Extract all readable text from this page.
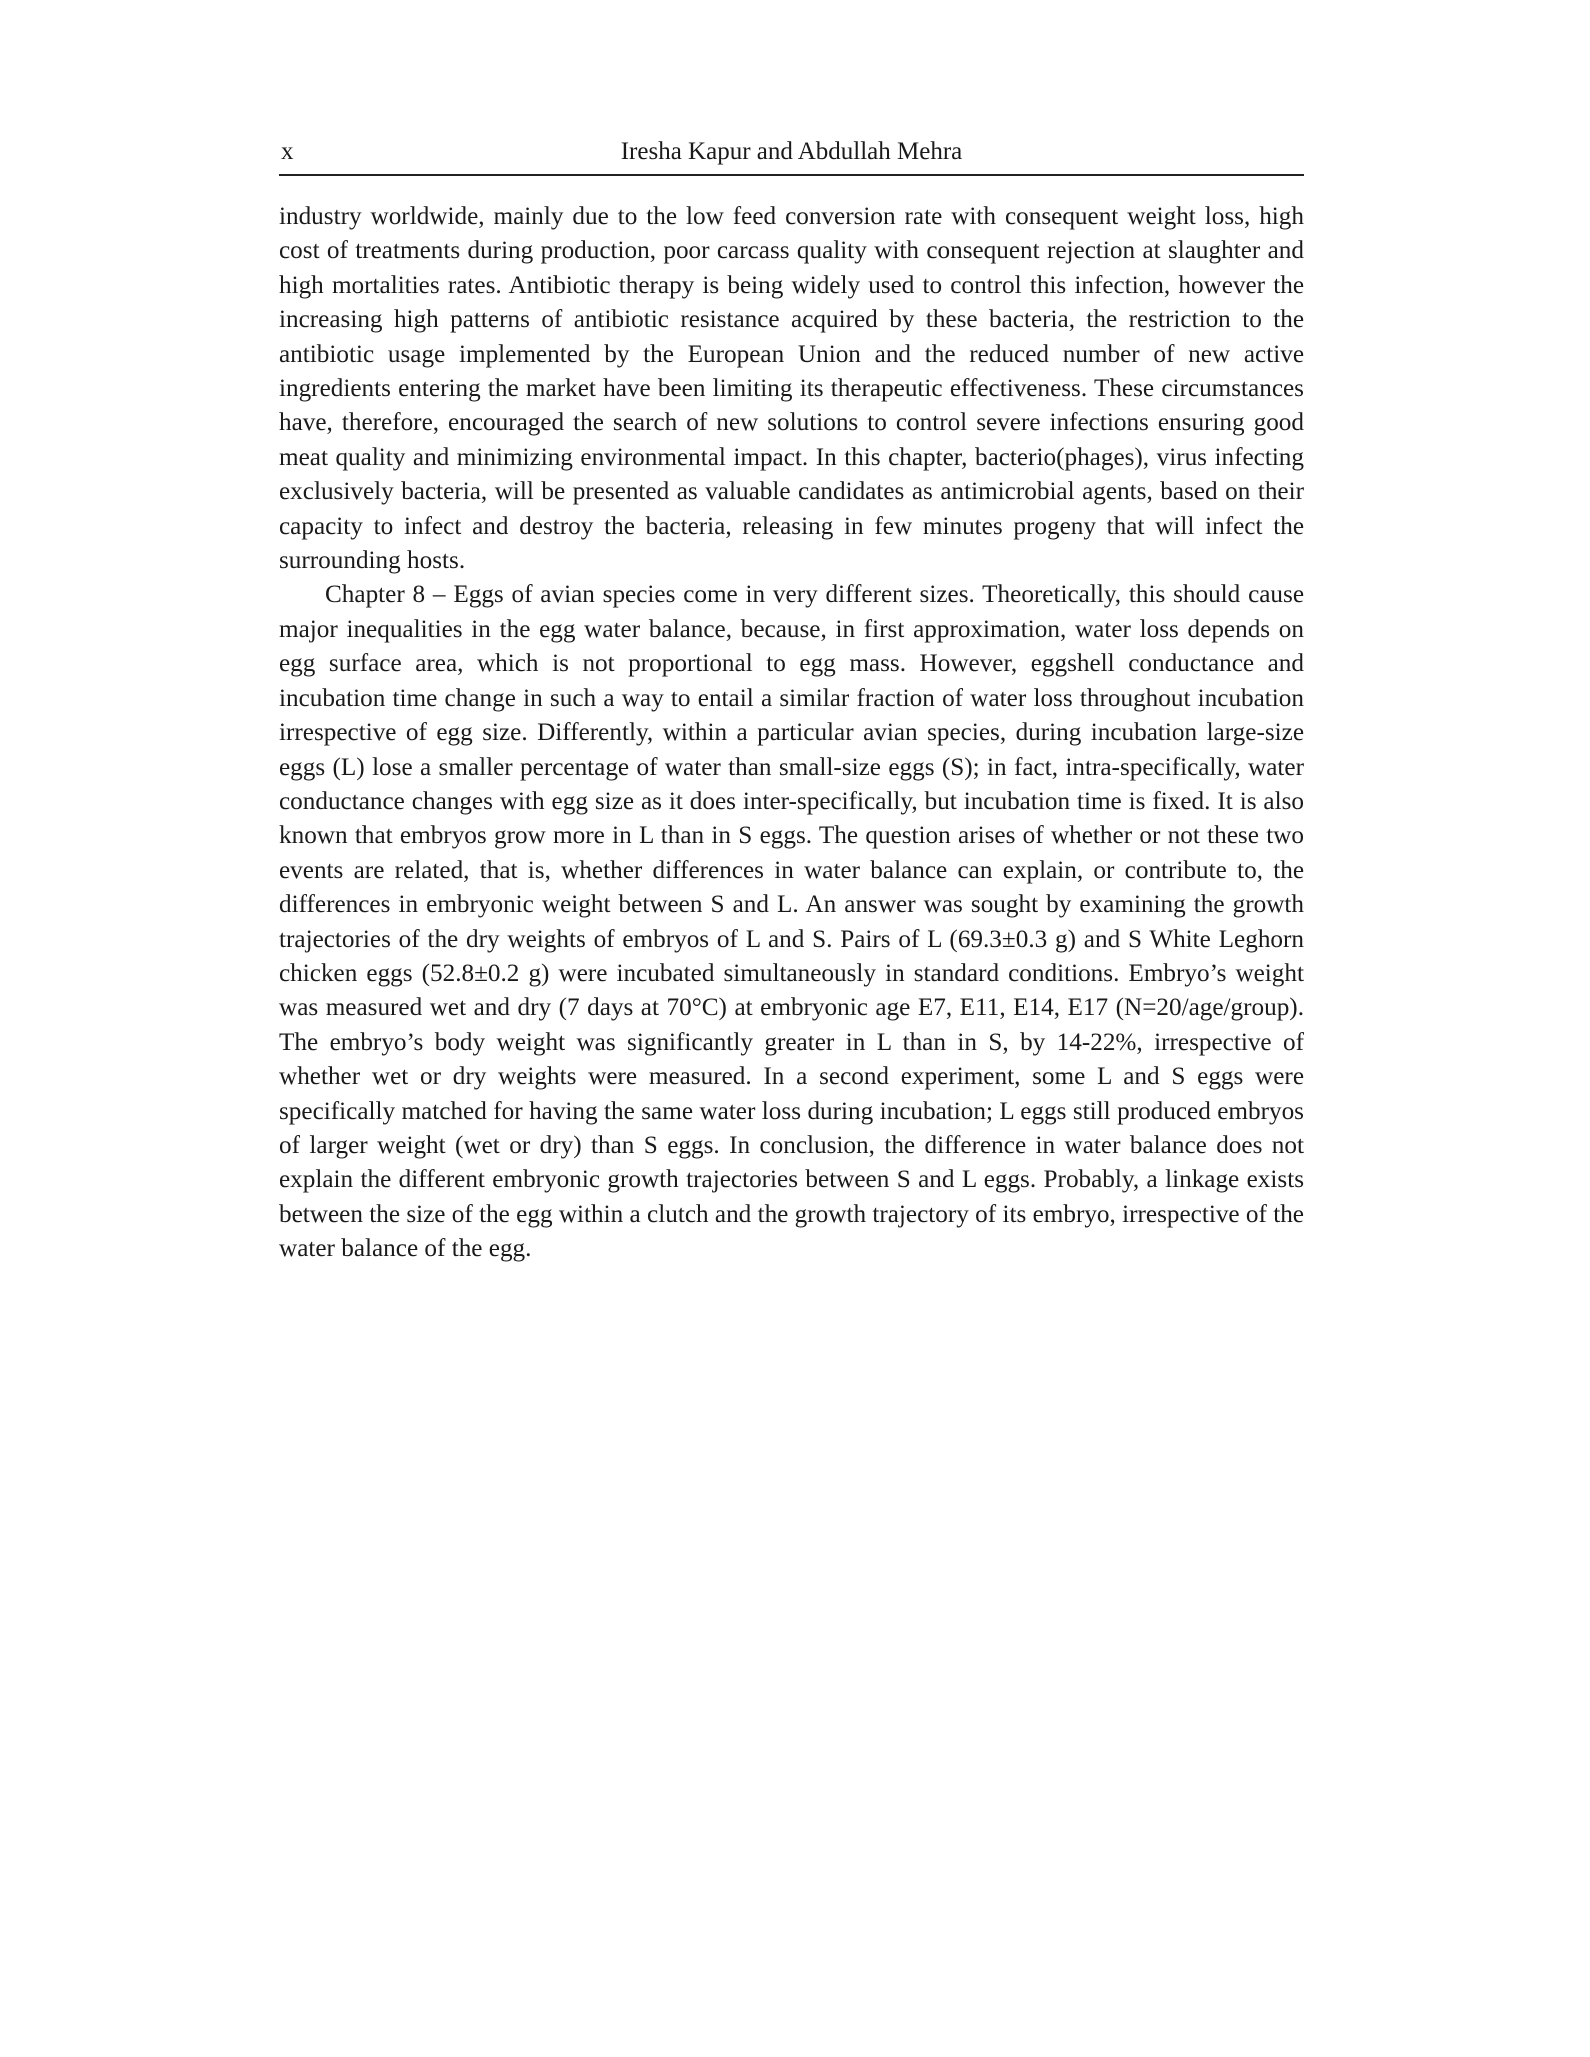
x	Iresha Kapur and Abdullah Mehra

industry worldwide, mainly due to the low feed conversion rate with consequent weight loss, high cost of treatments during production, poor carcass quality with consequent rejection at slaughter and high mortalities rates. Antibiotic therapy is being widely used to control this infection, however the increasing high patterns of antibiotic resistance acquired by these bacteria, the restriction to the antibiotic usage implemented by the European Union and the reduced number of new active ingredients entering the market have been limiting its therapeutic effectiveness. These circumstances have, therefore, encouraged the search of new solutions to control severe infections ensuring good meat quality and minimizing environmental impact. In this chapter, bacterio(phages), virus infecting exclusively bacteria, will be presented as valuable candidates as antimicrobial agents, based on their capacity to infect and destroy the bacteria, releasing in few minutes progeny that will infect the surrounding hosts.

Chapter 8 – Eggs of avian species come in very different sizes. Theoretically, this should cause major inequalities in the egg water balance, because, in first approximation, water loss depends on egg surface area, which is not proportional to egg mass. However, eggshell conductance and incubation time change in such a way to entail a similar fraction of water loss throughout incubation irrespective of egg size. Differently, within a particular avian species, during incubation large-size eggs (L) lose a smaller percentage of water than small-size eggs (S); in fact, intra-specifically, water conductance changes with egg size as it does inter-specifically, but incubation time is fixed. It is also known that embryos grow more in L than in S eggs. The question arises of whether or not these two events are related, that is, whether differences in water balance can explain, or contribute to, the differences in embryonic weight between S and L. An answer was sought by examining the growth trajectories of the dry weights of embryos of L and S. Pairs of L (69.3±0.3 g) and S White Leghorn chicken eggs (52.8±0.2 g) were incubated simultaneously in standard conditions. Embryo’s weight was measured wet and dry (7 days at 70°C) at embryonic age E7, E11, E14, E17 (N=20/age/group). The embryo’s body weight was significantly greater in L than in S, by 14-22%, irrespective of whether wet or dry weights were measured. In a second experiment, some L and S eggs were specifically matched for having the same water loss during incubation; L eggs still produced embryos of larger weight (wet or dry) than S eggs. In conclusion, the difference in water balance does not explain the different embryonic growth trajectories between S and L eggs. Probably, a linkage exists between the size of the egg within a clutch and the growth trajectory of its embryo, irrespective of the water balance of the egg.
